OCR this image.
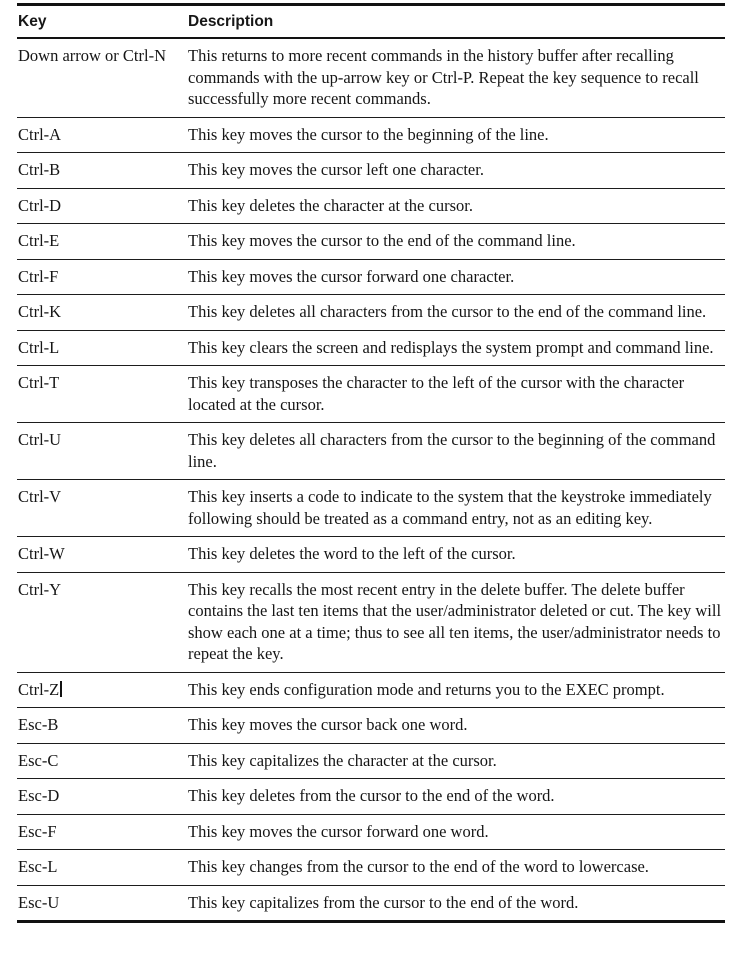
Key	Description
Down arrow or Ctrl-N	This returns to more recent commands in the history buffer after recalling commands with the up-arrow key or Ctrl-P. Repeat the key sequence to recall successfully more recent commands.
Ctrl-A	This key moves the cursor to the beginning of the line.
Ctrl-B	This key moves the cursor left one character.
Ctrl-D	This key deletes the character at the cursor.
Ctrl-E	This key moves the cursor to the end of the command line.
Ctrl-F	This key moves the cursor forward one character.
Ctrl-K	This key deletes all characters from the cursor to the end of the command line.
Ctrl-L	This key clears the screen and redisplays the system prompt and command line.
Ctrl-T	This key transposes the character to the left of the cursor with the character located at the cursor.
Ctrl-U	This key deletes all characters from the cursor to the beginning of the command line.
Ctrl-V	This key inserts a code to indicate to the system that the keystroke immediately following should be treated as a command entry, not as an editing key.
Ctrl-W	This key deletes the word to the left of the cursor.
Ctrl-Y	This key recalls the most recent entry in the delete buffer. The delete buffer contains the last ten items that the user/administrator deleted or cut. The key will show each one at a time; thus to see all ten items, the user/administrator needs to repeat the key.
Ctrl-Z	This key ends configuration mode and returns you to the EXEC prompt.
Esc-B	This key moves the cursor back one word.
Esc-C	This key capitalizes the character at the cursor.
Esc-D	This key deletes from the cursor to the end of the word.
Esc-F	This key moves the cursor forward one word.
Esc-L	This key changes from the cursor to the end of the word to lowercase.
Esc-U	This key capitalizes from the cursor to the end of the word.
